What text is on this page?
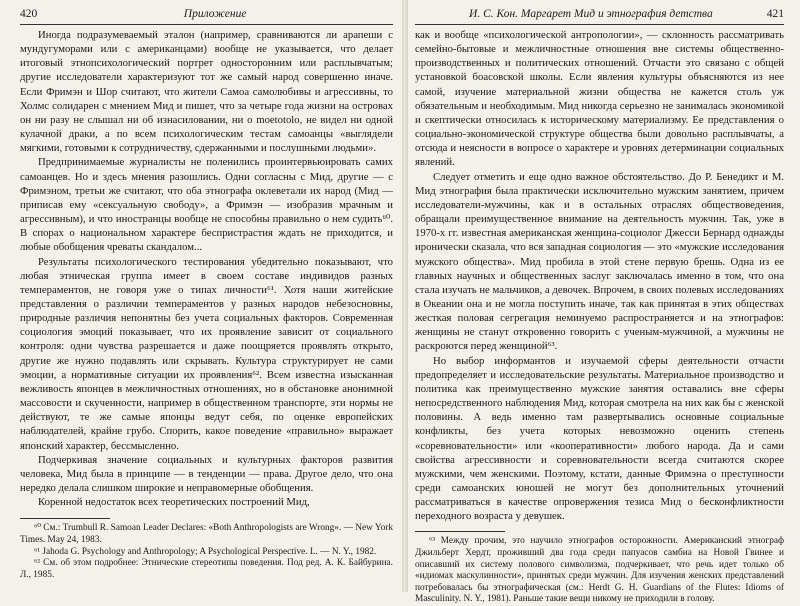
420	Приложение

Иногда подразумеваемый эталон (например, сравниваются ли арапеши с мундугуморами или с американцами) вообще не указывается, что делает итоговый этнопсихологический портрет односторонним или расплывчатым; другие исследователи характеризуют тот же самый народ совершенно иначе. Если Фримэн и Шор считают, что жители Самоа самолюбивы и агрессивны, то Холмс солидарен с мнением Мид и пишет, что за четыре года жизни на островах он ни разу не слышал ни об изнасиловании, ни о moetotolo, не видел ни одной кулачной драки, а по всем психологическим тестам самоанцы «выглядели мягкими, готовыми к сотрудничеству, сдержанными и послушными людьми».

Предпринимаемые журналисты не поленились проинтервьюировать самих самоанцев. Но и здесь мнения разошлись. Одни согласны с Мид, другие — с Фримэном, третьи же считают, что оба этнографа оклеветали их народ (Мид — приписав ему «сексуальную свободу», а Фримэн — изобразив мрачным и агрессивным), и что иностранцы вообще не способны правильно о нем судить⁶⁰. В спорах о национальном характере беспристрастия ждать не приходится, и любые обобщения чреваты скандалом...

Результаты психологического тестирования убедительно показывают, что любая этническая группа имеет в своем составе индивидов разных темпераментов, не говоря уже о типах личности⁶¹. Хотя наши житейские представления о различии темпераментов у разных народов небезосновны, природные различия непонятны без учета социальных факторов. Современная социология эмоций показывает, что их проявление зависит от социального контроля: одни чувства разрешается и даже поощряется проявлять открыто, другие же нужно подавлять или скрывать. Культура структурирует не сами эмоции, а нормативные ситуации их проявления⁶². Всем известна изысканная вежливость японцев в межличностных отношениях, но в обстановке анонимной массовости и скученности, например в общественном транспорте, эти нормы не действуют, те же самые японцы ведут себя, по оценке европейских наблюдателей, крайне грубо. Спорить, какое поведение «правильно» выражает японский характер, бессмысленно.

Подчеркивая значение социальных и культурных факторов развития человека, Мид была в принципе — в тенденции — права. Другое дело, что она нередко делала слишком широкие и неправомерные обобщения.

Коренной недостаток всех теоретических построений Мид,

⁶⁰ См.: Trumbull R. Samoan Leader Declares: «Both Anthropologists are Wrong». — New York Times. May 24, 1983.

⁶¹ Jahoda G. Psychology and Anthropology; A Psychological Perspective. L. — N. Y., 1982.

⁶² См. об этом подробнее: Этнические стереотипы поведения. Под ред. А. К. Байбурина. Л., 1985.

И. С. Кон. Маргарет Мид и этнография детства	421

как и вообще «психологической антропологии», — склонность рассматривать семейно-бытовые и межличностные отношения вне системы общественно-производственных и политических отношений. Отчасти это связано с общей установкой боасовской школы. Если явления культуры объясняются из нее самой, изучение материальной жизни общества не кажется столь уж обязательным и необходимым. Мид никогда серьезно не занималась экономикой и скептически относилась к историческому материализму. Ее представления о социально-экономической структуре общества были довольно расплывчаты, а отсюда и неясности в вопросе о характере и уровнях детерминации социальных явлений.

Следует отметить и еще одно важное обстоятельство. До Р. Бенедикт и М. Мид этнография была практически исключительно мужским занятием, причем исследователи-мужчины, как и в остальных отраслях обществоведения, обращали преимущественное внимание на деятельность мужчин. Так, уже в 1970-х гг. известная американская женщина-социолог Джесси Бернард однажды иронически сказала, что вся западная социология — это «мужские исследования мужского общества». Мид пробила в этой стене первую брешь. Одна из ее главных научных и общественных заслуг заключалась именно в том, что она стала изучать не мальчиков, а девочек. Впрочем, в своих полевых исследованиях в Океании она и не могла поступить иначе, так как принятая в этих обществах жесткая половая сегрегация неминуемо распространяется и на этнографов: женщины не станут откровенно говорить с ученым-мужчиной, а мужчины не раскроются перед женщиной⁶³.

Но выбор информантов и изучаемой сферы деятельности отчасти предопределяет и исследовательские результаты. Материальное производство и политика как преимущественно мужские занятия оставались вне сферы непосредственного наблюдения Мид, которая смотрела на них как бы с женской половины. А ведь именно там развертывались основные социальные конфликты, без учета которых невозможно оценить степень «соревновательности» или «кооперативности» любого народа. Да и сами свойства агрессивности и соревновательности всегда считаются скорее мужскими, чем женскими. Поэтому, кстати, данные Фримэна о преступности среди самоанских юношей не могут без дополнительных уточнений рассматриваться в качестве опровержения тезиса Мид о бесконфликтности переходного возраста у девушек.

⁶³ Между прочим, это научило этнографов осторожности. Американский этнограф Джильберт Хердт, проживший два года среди папуасов самбиа на Новой Гвинее и описавший их систему полового символизма, подчеркивает, что речь идет только об «идиомах маскулинности», принятых среди мужчин. Для изучения женских представлений потребовалась бы этнографическая (см.: Herdt G. H. Guardians of the Flutes: Idioms of Masculinity. N. Y., 1981). Раньше такие вещи никому не приходили в голову.
